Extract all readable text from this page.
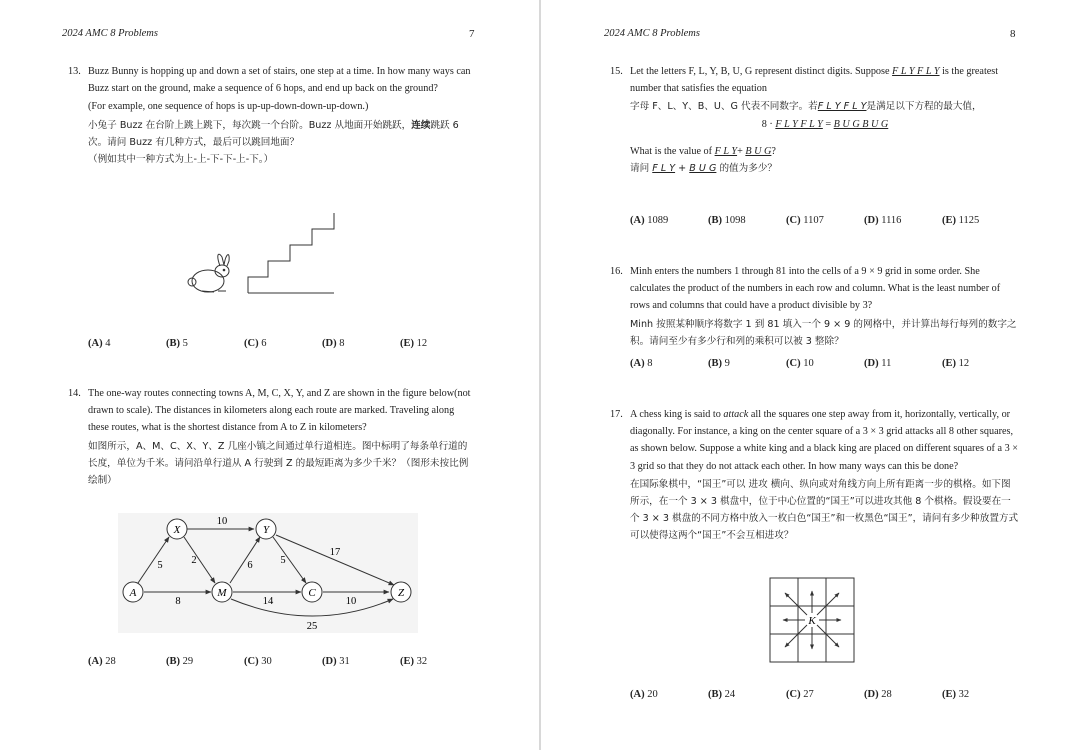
2024 AMC 8 Problems	7
13. Buzz Bunny is hopping up and down a set of stairs, one step at a time. In how many ways can Buzz start on the ground, make a sequence of 6 hops, and end up back on the ground?

(For example, one sequence of hops is up-up-down-down-up-down.)

小兔子 Buzz 在台阶上跳上跳下，每次跳一个台阶。Buzz 从地面开始跳跃，连续跳跃 6 次。请问 Buzz 有几种方式，最后可以跳回地面？

（例如其中一种方式为上-上-下-下-上-下。）

(A) 4	(B) 5	(C) 6	(D) 8	(E) 12
14. The one-way routes connecting towns A, M, C, X, Y, and Z are shown in the figure below(not drawn to scale). The distances in kilometers along each route are marked. Traveling along these routes, what is the shortest distance from A to Z in kilometers?

如图所示，A、M、C、X、Y、Z 几座小镇之间通过单行道相连。图中标明了每条单行道的长度，单位为千米。请问沿单行道从 A 行驶到 Z 的最短距离为多少千米？（图形未按比例绘制）

A	M	C
X	Y
Z
10
5	2	6	5
17
8	14	10
25
(A) 28	(B) 29	(C) 30	(D) 31	(E) 32
2024 AMC 8 Problems	8
15. Let the letters F, L, Y, B, U, G represent distinct digits. Suppose F L Y F L Y is the greatest number that satisfies the equation

字母 F、L、Y、B、U、G 代表不同数字。若F L Y F L Y是满足以下方程的最大值，

8 · F L Y F L Y = B U G B U G

What is the value of F L Y+ B U G?

请问 F L Y + B U G 的值为多少？

(A) 1089	(B) 1098	(C) 1107	(D) 1116	(E) 1125
16. Minh enters the numbers 1 through 81 into the cells of a 9 × 9 grid in some order. She calculates the product of the numbers in each row and column. What is the least number of rows and columns that could have a product divisible by 3?

Minh 按照某种顺序将数字 1 到 81 填入一个 9 × 9 的网格中，并计算出每行每列的数字之积。请问至少有多少行和列的乘积可以被 3 整除？

(A) 8	(B) 9	(C) 10	(D) 11	(E) 12
17. A chess king is said to attack all the squares one step away from it, horizontally, vertically, or diagonally. For instance, a king on the center square of a 3 × 3 grid attacks all 8 other squares, as shown below. Suppose a white king and a black king are placed on different squares of a 3 × 3 grid so that they do not attack each other. In how many ways can this be done?

在国际象棋中，“国王”可以 进攻 横向、纵向或对角线方向上所有距离一步的棋格。如下图所示，在一个 3 × 3 棋盘中，位于中心位置的“国王”可以进攻其他 8 个棋格。假设要在一个 3 × 3 棋盘的不同方格中放入一枚白色“国王”和一枚黑色“国王”，请问有多少种放置方式可以使得这两个“国王”不会互相进攻？

K
(A) 20	(B) 24	(C) 27	(D) 28	(E) 32
